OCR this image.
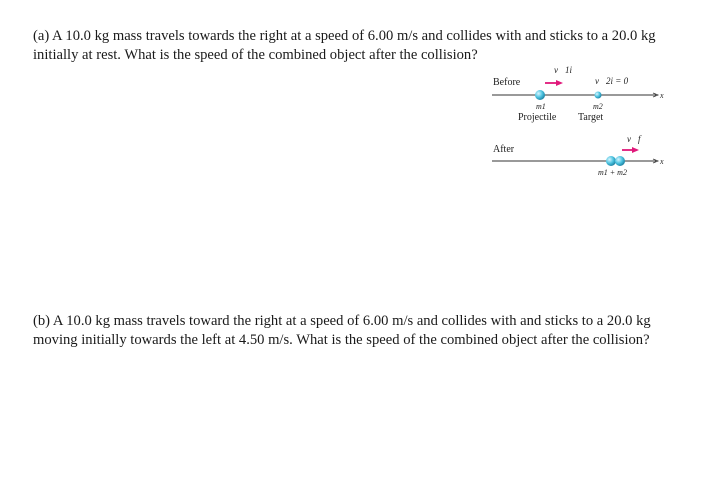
(a) A 10.0 kg mass travels towards the right at a speed of 6.00 m/s and collides with and sticks to a 20.0 kg initially at rest. What is the speed of the combined object after the collision?
Before
v⃗1i
v⃗2i = 0
x
m1	m2
Projectile Target
After
v⃗f
x
m1 + m2
(b) A 10.0 kg mass travels toward the right at a speed of 6.00 m/s and collides with and sticks to a 20.0 kg moving initially towards the left at 4.50 m/s. What is the speed of the combined object after the collision?
